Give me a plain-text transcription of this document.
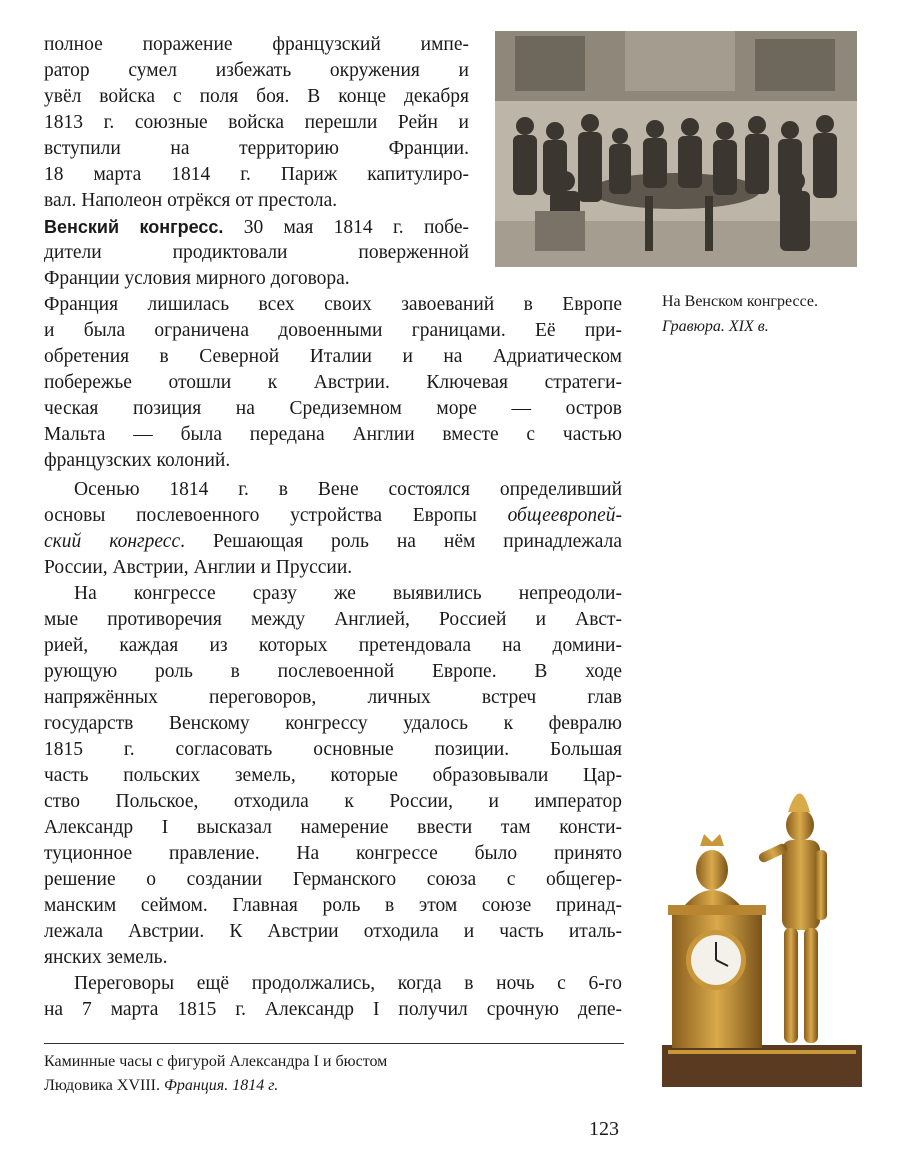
На Венском конгрессе.
Гравюра. XIX в.
полное поражение французский импе-
ратор сумел избежать окружения и
увёл войска с поля боя. В конце декабря
1813 г. союзные войска перешли Рейн и
вступили на территорию Франции.
18 марта 1814 г. Париж капитулиро-
вал. Наполеон отрёкся от престола.
Венский конгресс. 30 мая 1814 г. побе-
дители продиктовали поверженной
Франции условия мирного договора.
Франция лишилась всех своих завоеваний в Европе
и была ограничена довоенными границами. Её при-
обретения в Северной Италии и на Адриатическом
побережье отошли к Австрии. Ключевая стратеги-
ческая позиция на Средиземном море — остров
Мальта — была передана Англии вместе с частью
французских колоний.
Осенью 1814 г. в Вене состоялся определивший
основы послевоенного устройства Европы общеевропей-
ский конгресс. Решающая роль на нём принадлежала
России, Австрии, Англии и Пруссии.
На конгрессе сразу же выявились непреодоли-
мые противоречия между Англией, Россией и Авст-
рией, каждая из которых претендовала на домини-
рующую роль в послевоенной Европе. В ходе
напряжённых переговоров, личных встреч глав
государств Венскому конгрессу удалось к февралю
1815 г. согласовать основные позиции. Большая
часть польских земель, которые образовывали Цар-
ство Польское, отходила к России, и император
Александр I высказал намерение ввести там консти-
туционное правление. На конгрессе было принято
решение о создании Германского союза с общегер-
манским сеймом. Главная роль в этом союзе принад-
лежала Австрии. К Австрии отходила и часть италь-
янских земель.
Переговоры ещё продолжались, когда в ночь с 6-го
на 7 марта 1815 г. Александр I получил срочную депе-
Каминные часы с фигурой Александра I и бюстом
Людовика XVIII. Франция. 1814 г.
123
